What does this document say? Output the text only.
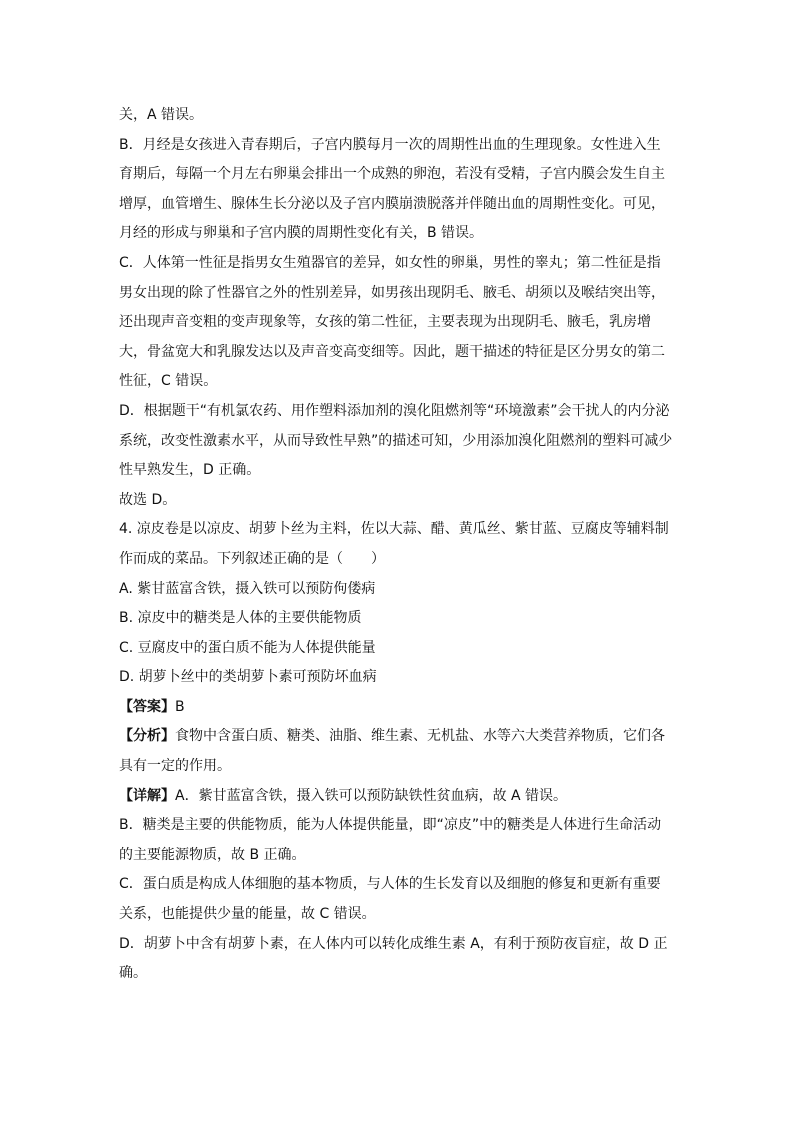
关，A 错误。
B．月经是女孩进入青春期后，子宫内膜每月一次的周期性出血的生理现象。女性进入生
育期后，每隔一个月左右卵巢会排出一个成熟的卵泡，若没有受精，子宫内膜会发生自主
增厚，血管增生、腺体生长分泌以及子宫内膜崩溃脱落并伴随出血的周期性变化。可见，
月经的形成与卵巢和子宫内膜的周期性变化有关，B 错误。
C．人体第一性征是指男女生殖器官的差异，如女性的卵巢，男性的睾丸；第二性征是指
男女出现的除了性器官之外的性别差异，如男孩出现阴毛、腋毛、胡须以及喉结突出等，
还出现声音变粗的变声现象等，女孩的第二性征，主要表现为出现阴毛、腋毛，乳房增
大，骨盆宽大和乳腺发达以及声音变高变细等。因此，题干描述的特征是区分男女的第二
性征，C 错误。
D．根据题干“有机氯农药、用作塑料添加剂的溴化阻燃剂等“环境激素”会干扰人的内分泌
系统，改变性激素水平，从而导致性早熟”的描述可知，少用添加溴化阻燃剂的塑料可减少
性早熟发生，D 正确。
故选 D。
4. 凉皮卷是以凉皮、胡萝卜丝为主料，佐以大蒜、醋、黄瓜丝、紫甘蓝、豆腐皮等辅料制
作而成的菜品。下列叙述正确的是（　　）
A. 紫甘蓝富含铁，摄入铁可以预防佝偻病
B. 凉皮中的糖类是人体的主要供能物质
C. 豆腐皮中的蛋白质不能为人体提供能量
D. 胡萝卜丝中的类胡萝卜素可预防坏血病
【答案】B
【分析】食物中含蛋白质、糖类、油脂、维生素、无机盐、水等六大类营养物质，它们各
具有一定的作用。
【详解】A．紫甘蓝富含铁，摄入铁可以预防缺铁性贫血病，故 A 错误。
B．糖类是主要的供能物质，能为人体提供能量，即“凉皮”中的糖类是人体进行生命活动
的主要能源物质，故 B 正确。
C．蛋白质是构成人体细胞的基本物质，与人体的生长发育以及细胞的修复和更新有重要
关系，也能提供少量的能量，故 C 错误。
D．胡萝卜中含有胡萝卜素，在人体内可以转化成维生素 A，有利于预防夜盲症，故 D 正
确。
